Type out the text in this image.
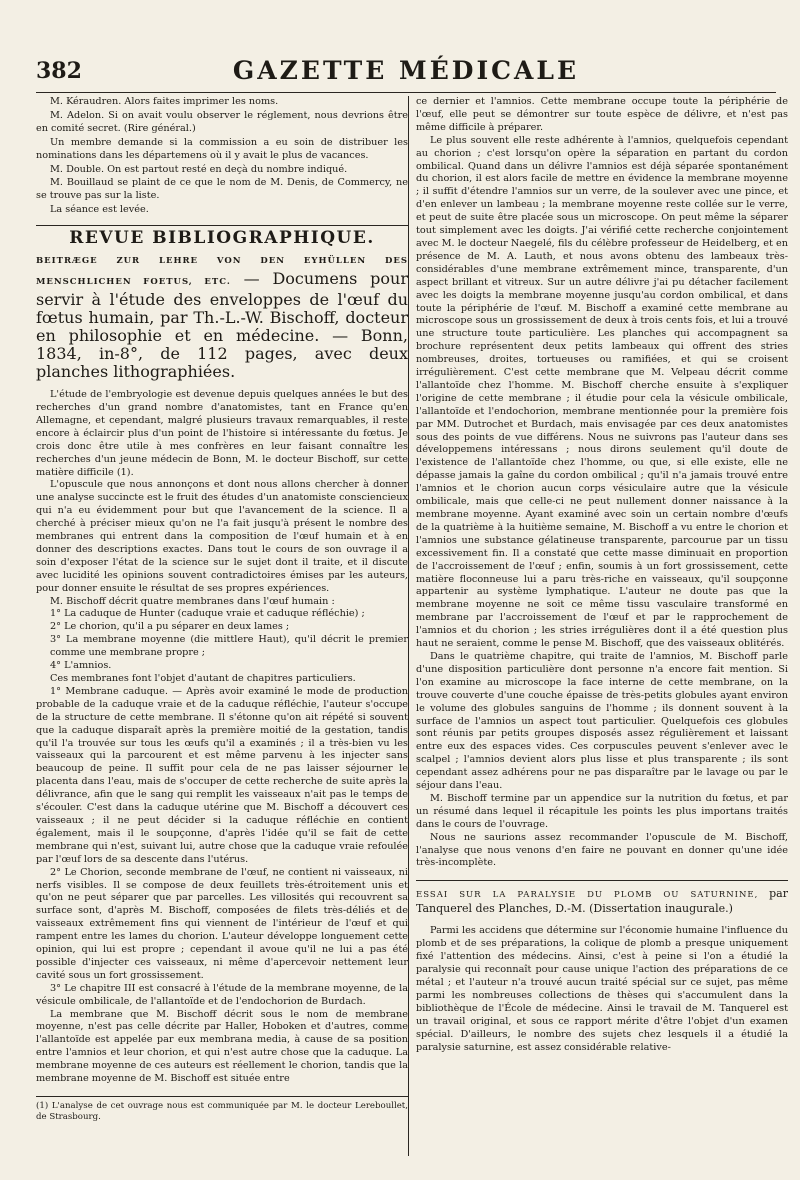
382	GAZETTE MÉDICALE

M. Kéraudren. Alors faites imprimer les noms.

M. Adelon. Si on avait voulu observer le réglement, nous devrions être en comité secret. (Rire général.)

Un membre demande si la commission a eu soin de distribuer les nominations dans les départemens où il y avait le plus de vacances.

M. Double. On est partout resté en deçà du nombre indiqué.

M. Bouillaud se plaint de ce que le nom de M. Denis, de Commercy, ne se trouve pas sur la liste.

La séance est levée.

REVUE BIBLIOGRAPHIQUE.

BEITRÆGE ZUR LEHRE VON DEN EYHÜLLEN DES MENSCHLICHEN FOETUS, ETC. — Documens pour servir à l'étude des enveloppes de l'œuf du fœtus humain, par Th.-L.-W. Bischoff, docteur en philosophie et en médecine. — Bonn, 1834, in-8°, de 112 pages, avec deux planches lithographiées.

L'étude de l'embryologie est devenue depuis quelques années le but des recherches d'un grand nombre d'anatomistes, tant en France qu'en Allemagne, et cependant, malgré plusieurs travaux remarquables, il reste encore à éclaircir plus d'un point de l'histoire si intéressante du fœtus. Je crois donc être utile à mes confrères en leur faisant connaître les recherches d'un jeune médecin de Bonn, M. le docteur Bischoff, sur cette matière difficile (1).

L'opuscule que nous annonçons et dont nous allons chercher à donner une analyse succincte est le fruit des études d'un anatomiste consciencieux qui n'a eu évidemment pour but que l'avancement de la science. Il a cherché à préciser mieux qu'on ne l'a fait jusqu'à présent le nombre des membranes qui entrent dans la composition de l'œuf humain et à en donner des descriptions exactes. Dans tout le cours de son ouvrage il a soin d'exposer l'état de la science sur le sujet dont il traite, et il discute avec lucidité les opinions souvent contradictoires émises par les auteurs, pour donner ensuite le résultat de ses propres expériences.

M. Bischoff décrit quatre membranes dans l'œuf humain :

1° La caduque de Hunter (caduque vraie et caduque réfléchie) ;

2° Le chorion, qu'il a pu séparer en deux lames ;

3° La membrane moyenne (die mittlere Haut), qu'il décrit le premier comme une membrane propre ;

4° L'amnios.

Ces membranes font l'objet d'autant de chapitres particuliers.

1° Membrane caduque. — Après avoir examiné le mode de production probable de la caduque vraie et de la caduque réfléchie, l'auteur s'occupe de la structure de cette membrane. Il s'étonne qu'on ait répété si souvent que la caduque disparaît après la première moitié de la gestation, tandis qu'il l'a trouvée sur tous les œufs qu'il a examinés ; il a très-bien vu les vaisseaux qui la parcourent et est même parvenu à les injecter sans beaucoup de peine. Il suffit pour cela de ne pas laisser séjourner le placenta dans l'eau, mais de s'occuper de cette recherche de suite après la délivrance, afin que le sang qui remplit les vaisseaux n'ait pas le temps de s'écouler. C'est dans la caduque utérine que M. Bischoff a découvert ces vaisseaux ; il ne peut décider si la caduque réfléchie en contient également, mais il le soupçonne, d'après l'idée qu'il se fait de cette membrane qui n'est, suivant lui, autre chose que la caduque vraie refoulée par l'œuf lors de sa descente dans l'utérus.

2° Le Chorion, seconde membrane de l'œuf, ne contient ni vaisseaux, ni nerfs visibles. Il se compose de deux feuillets très-étroitement unis et qu'on ne peut séparer que par parcelles. Les villosités qui recouvrent sa surface sont, d'après M. Bischoff, composées de filets très-déliés et de vaisseaux extrêmement fins qui viennent de l'intérieur de l'œuf et qui rampent entre les lames du chorion. L'auteur développe longuement cette opinion, qui lui est propre ; cependant il avoue qu'il ne lui a pas été possible d'injecter ces vaisseaux, ni même d'apercevoir nettement leur cavité sous un fort grossissement.

3° Le chapitre III est consacré à l'étude de la membrane moyenne, de la vésicule ombilicale, de l'allantoïde et de l'endochorion de Burdach.

La membrane que M. Bischoff décrit sous le nom de membrane moyenne, n'est pas celle décrite par Haller, Hoboken et d'autres, comme l'allantoïde est appelée par eux membrana media, à cause de sa position entre l'amnios et leur chorion, et qui n'est autre chose que la caduque. La membrane moyenne de ces auteurs est réellement le chorion, tandis que la membrane moyenne de M. Bischoff est située entre

(1) L'analyse de cet ouvrage nous est communiquée par M. le docteur Lereboullet, de Strasbourg.

ce dernier et l'amnios. Cette membrane occupe toute la périphérie de l'œuf, elle peut se démontrer sur toute espèce de délivre, et n'est pas même difficile à préparer.

Le plus souvent elle reste adhérente à l'amnios, quelquefois cependant au chorion ; c'est lorsqu'on opère la séparation en partant du cordon ombilical. Quand dans un délivre l'amnios est déjà séparée spontanément du chorion, il est alors facile de mettre en évidence la membrane moyenne ; il suffit d'étendre l'amnios sur un verre, de la soulever avec une pince, et d'en enlever un lambeau ; la membrane moyenne reste collée sur le verre, et peut de suite être placée sous un microscope. On peut même la séparer tout simplement avec les doigts. J'ai vérifié cette recherche conjointement avec M. le docteur Naegelé, fils du célèbre professeur de Heidelberg, et en présence de M. A. Lauth, et nous avons obtenu des lambeaux très-considérables d'une membrane extrêmement mince, transparente, d'un aspect brillant et vitreux. Sur un autre délivre j'ai pu détacher facilement avec les doigts la membrane moyenne jusqu'au cordon ombilical, et dans toute la périphérie de l'œuf. M. Bischoff a examiné cette membrane au microscope sous un grossissement de deux à trois cents fois, et lui a trouvé une structure toute particulière. Les planches qui accompagnent sa brochure représentent deux petits lambeaux qui offrent des stries nombreuses, droites, tortueuses ou ramifiées, et qui se croisent irrégulièrement. C'est cette membrane que M. Velpeau décrit comme l'allantoïde chez l'homme. M. Bischoff cherche ensuite à s'expliquer l'origine de cette membrane ; il étudie pour cela la vésicule ombilicale, l'allantoïde et l'endochorion, membrane mentionnée pour la première fois par MM. Dutrochet et Burdach, mais envisagée par ces deux anatomistes sous des points de vue différens. Nous ne suivrons pas l'auteur dans ses développemens intéressans ; nous dirons seulement qu'il doute de l'existence de l'allantoïde chez l'homme, ou que, si elle existe, elle ne dépasse jamais la gaîne du cordon ombilical ; qu'il n'a jamais trouvé entre l'amnios et le chorion aucun corps vésiculaire autre que la vésicule ombilicale, mais que celle-ci ne peut nullement donner naissance à la membrane moyenne. Ayant examiné avec soin un certain nombre d'œufs de la quatrième à la huitième semaine, M. Bischoff a vu entre le chorion et l'amnios une substance gélatineuse transparente, parcourue par un tissu excessivement fin. Il a constaté que cette masse diminuait en proportion de l'accroissement de l'œuf ; enfin, soumis à un fort grossissement, cette matière floconneuse lui a paru très-riche en vaisseaux, qu'il soupçonne appartenir au système lymphatique. L'auteur ne doute pas que la membrane moyenne ne soit ce même tissu vasculaire transformé en membrane par l'accroissement de l'œuf et par le rapprochement de l'amnios et du chorion ; les stries irrégulières dont il a été question plus haut ne seraient, comme le pense M. Bischoff, que des vaisseaux oblitérés.

Dans le quatrième chapitre, qui traite de l'amnios, M. Bischoff parle d'une disposition particulière dont personne n'a encore fait mention. Si l'on examine au microscope la face interne de cette membrane, on la trouve couverte d'une couche épaisse de très-petits globules ayant environ le volume des globules sanguins de l'homme ; ils donnent souvent à la surface de l'amnios un aspect tout particulier. Quelquefois ces globules sont réunis par petits groupes disposés assez régulièrement et laissant entre eux des espaces vides. Ces corpuscules peuvent s'enlever avec le scalpel ; l'amnios devient alors plus lisse et plus transparente ; ils sont cependant assez adhérens pour ne pas disparaître par le lavage ou par le séjour dans l'eau.

M. Bischoff termine par un appendice sur la nutrition du fœtus, et par un résumé dans lequel il récapitule les points les plus importans traités dans le cours de l'ouvrage.

Nous ne saurions assez recommander l'opuscule de M. Bischoff, l'analyse que nous venons d'en faire ne pouvant en donner qu'une idée très-incomplète.

ESSAI SUR LA PARALYSIE DU PLOMB OU SATURNINE, par Tanquerel des Planches, D.-M. (Dissertation inaugurale.)

Parmi les accidens que détermine sur l'économie humaine l'influence du plomb et de ses préparations, la colique de plomb a presque uniquement fixé l'attention des médecins. Ainsi, c'est à peine si l'on a étudié la paralysie qui reconnaît pour cause unique l'action des préparations de ce métal ; et l'auteur n'a trouvé aucun traité spécial sur ce sujet, pas même parmi les nombreuses collections de thèses qui s'accumulent dans la bibliothèque de l'École de médecine. Ainsi le travail de M. Tanquerel est un travail original, et sous ce rapport mérite d'être l'objet d'un examen spécial. D'ailleurs, le nombre des sujets chez lesquels il a étudié la paralysie saturnine, est assez considérable relative-
